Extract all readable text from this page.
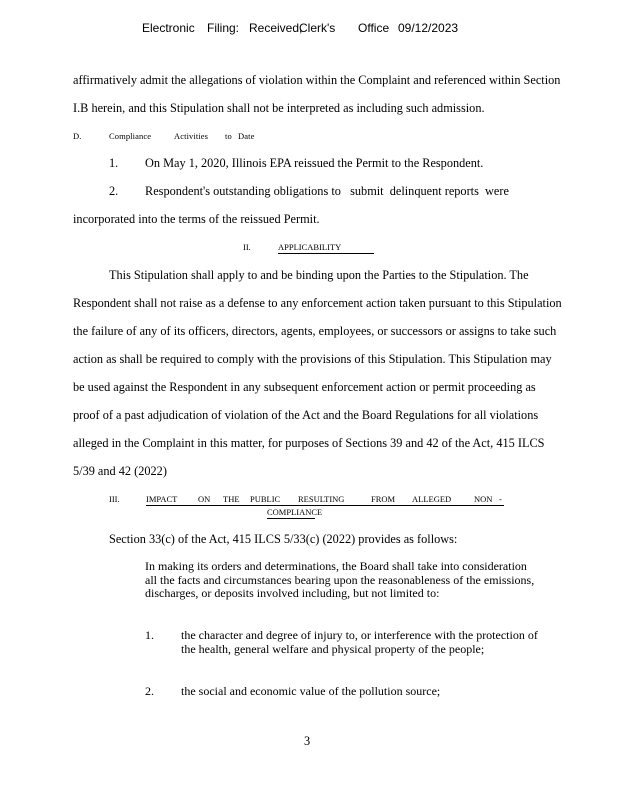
Electronic Filing: Received,
Clerk's Office 09/12/2023
affirmatively admit the allegations of violation within the Complaint and referenced within Section
I.B herein, and this Stipulation shall not be interpreted as including such admission.
D.	Compliance	Activities to Date
1. On May 1, 2020, Illinois EPA reissued the Permit to the Respondent.
2. Respondent's outstanding obligations to   submit  delinquent reports  were
incorporated into the terms of the reissued Permit.
II.	APPLICABILITY
This Stipulation shall apply to and be binding upon the Parties to the Stipulation. The
Respondent shall not raise as a defense to any enforcement action taken pursuant to this Stipulation
the failure of any of its officers, directors, agents, employees, or successors or assigns to take such
action as shall be required to comply with the provisions of this Stipulation. This Stipulation may
be used against the Respondent in any subsequent enforcement action or permit proceeding as
proof of a past adjudication of violation of the Act and the Board Regulations for all violations
alleged in the Complaint in this matter, for purposes of Sections 39 and 42 of the Act, 415 ILCS
5/39 and 42 (2022)
III.	IMPACT ON THE PUBLIC RESULTING	FROM ALLEGED	NON -
COMPLIANCE
Section 33(c) of the Act, 415 ILCS 5/33(c) (2022) provides as follows:
In making its orders and determinations, the Board shall take into consideration all the facts and circumstances bearing upon the reasonableness of the emissions, discharges, or deposits involved including, but not limited to:
1. the character and degree of injury to, or interference with the protection of the health, general welfare and physical property of the people;
2. the social and economic value of the pollution source;
3
